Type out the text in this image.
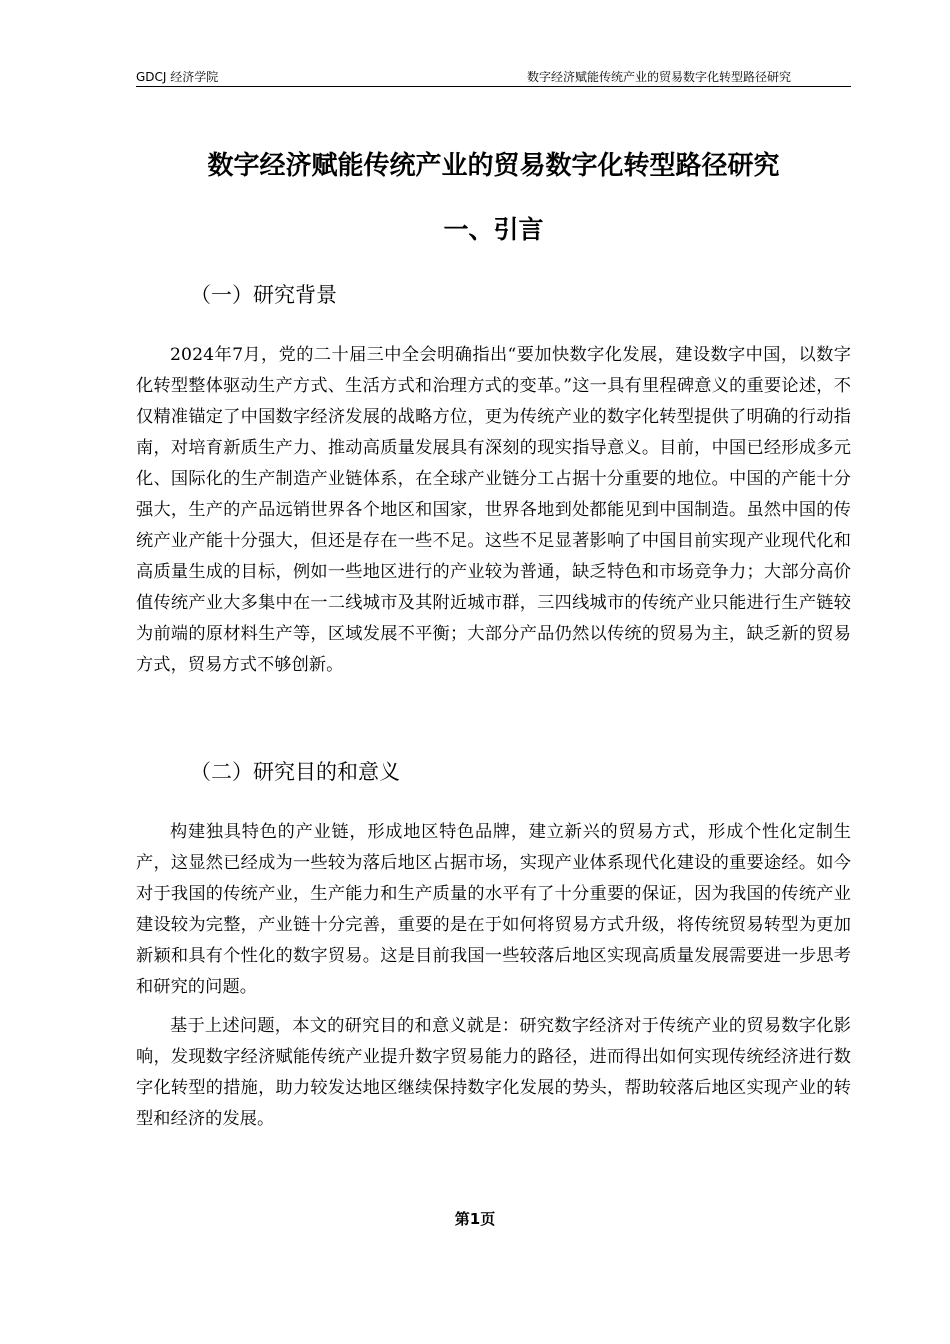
GDCJ 经济学院	数字经济赋能传统产业的贸易数字化转型路径研究
数字经济赋能传统产业的贸易数字化转型路径研究
一、引言
（一）研究背景

2024年7月，党的二十届三中全会明确指出“要加快数字化发展，建设数字中国，以数字化转型整体驱动生产方式、生活方式和治理方式的变革。”这一具有里程碑意义的重要论述，不仅精准锚定了中国数字经济发展的战略方位，更为传统产业的数字化转型提供了明确的行动指南，对培育新质生产力、推动高质量发展具有深刻的现实指导意义。目前，中国已经形成多元化、国际化的生产制造产业链体系，在全球产业链分工占据十分重要的地位。中国的产能十分强大，生产的产品远销世界各个地区和国家，世界各地到处都能见到中国制造。虽然中国的传统产业产能十分强大，但还是存在一些不足。这些不足显著影响了中国目前实现产业现代化和高质量生成的目标，例如一些地区进行的产业较为普通，缺乏特色和市场竞争力；大部分高价值传统产业大多集中在一二线城市及其附近城市群，三四线城市的传统产业只能进行生产链较为前端的原材料生产等，区域发展不平衡；大部分产品仍然以传统的贸易为主，缺乏新的贸易方式，贸易方式不够创新。

（二）研究目的和意义

构建独具特色的产业链，形成地区特色品牌，建立新兴的贸易方式，形成个性化定制生产，这显然已经成为一些较为落后地区占据市场，实现产业体系现代化建设的重要途经。如今对于我国的传统产业，生产能力和生产质量的水平有了十分重要的保证，因为我国的传统产业建设较为完整，产业链十分完善，重要的是在于如何将贸易方式升级，将传统贸易转型为更加新颖和具有个性化的数字贸易。这是目前我国一些较落后地区实现高质量发展需要进一步思考和研究的问题。

基于上述问题，本文的研究目的和意义就是：研究数字经济对于传统产业的贸易数字化影响，发现数字经济赋能传统产业提升数字贸易能力的路径，进而得出如何实现传统经济进行数字化转型的措施，助力较发达地区继续保持数字化发展的势头，帮助较落后地区实现产业的转型和经济的发展。

第1页
